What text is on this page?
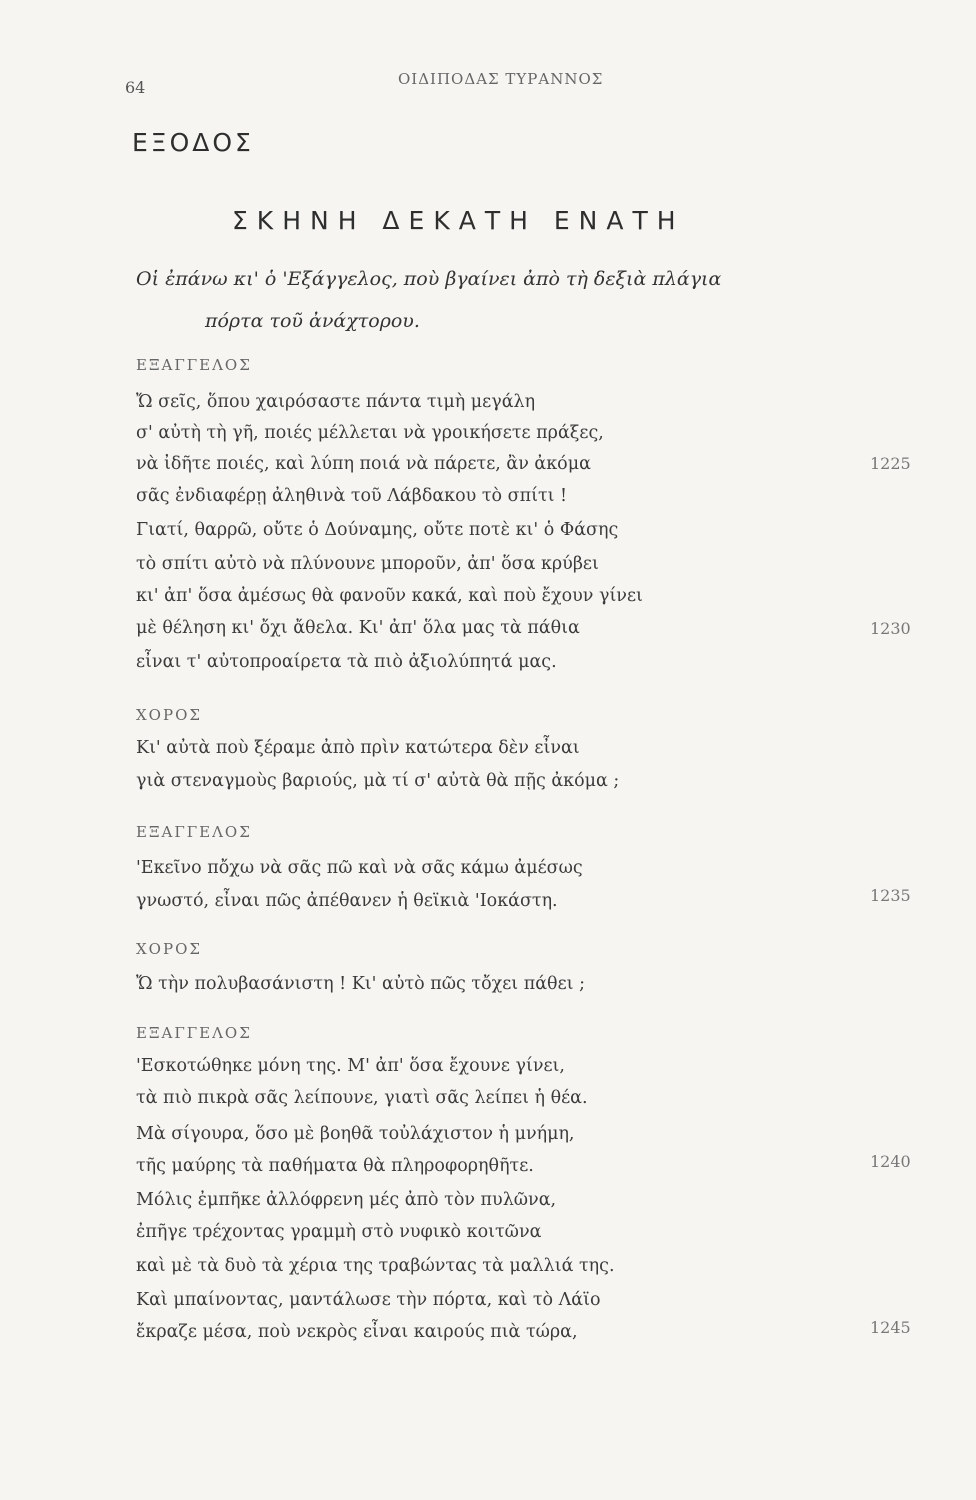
64	ΟΙΔΙΠΟΔΑΣ ΤΥΡΑΝΝΟΣ
ΕΞΟΔΟΣ
ΣΚΗΝΗ ΔΕΚΑΤΗ ΕΝΑΤΗ
Οἱ ἐπάνω κι' ὁ 'Εξάγγελος, ποὺ βγαίνει ἀπὸ τὴ δεξιὰ πλάγια
πόρτα τοῦ ἀνάχτορου.
ΕΞΑΓΓΕΛΟΣ
Ὤ σεῖς, ὅπου χαιρόσαστε πάντα τιμὴ μεγάλη
σ' αὐτὴ τὴ γῆ, ποιές μέλλεται νὰ γροικήσετε πράξες,
νὰ ἰδῆτε ποιές, καὶ λύπη ποιά νὰ πάρετε, ἂν ἀκόμα	1225
σᾶς ἐνδιαφέρῃ ἀληθινὰ τοῦ Λάβδακου τὸ σπίτι !
Γιατί, θαρρῶ, οὔτε ὁ Δούναμης, οὔτε ποτὲ κι' ὁ Φάσης
τὸ σπίτι αὐτὸ νὰ πλύνουνε μποροῦν, ἀπ' ὅσα κρύβει
κι' ἀπ' ὅσα ἀμέσως θὰ φανοῦν κακά, καὶ ποὺ ἔχουν γίνει
μὲ θέληση κι' ὄχι ἄθελα. Κι' ἀπ' ὅλα μας τὰ πάθια	1230
εἶναι τ' αὐτοπροαίρετα τὰ πιὸ ἀξιολύπητά μας.
ΧΟΡΟΣ
Κι' αὐτὰ ποὺ ξέραμε ἀπὸ πρὶν κατώτερα δὲν εἶναι
γιὰ στεναγμοὺς βαριούς, μὰ τί σ' αὐτὰ θὰ πῇς ἀκόμα ;
ΕΞΑΓΓΕΛΟΣ
'Εκεῖνο πὄχω νὰ σᾶς πῶ καὶ νὰ σᾶς κάμω ἀμέσως
γνωστό, εἶναι πῶς ἀπέθανεν ἡ θεϊκιὰ 'Ιοκάστη.	1235
ΧΟΡΟΣ
Ὤ τὴν πολυβασάνιστη ! Κι' αὐτὸ πῶς τὄχει πάθει ;
ΕΞΑΓΓΕΛΟΣ
'Εσκοτώθηκε μόνη της. Μ' ἀπ' ὅσα ἔχουνε γίνει,
τὰ πιὸ πικρὰ σᾶς λείπουνε, γιατὶ σᾶς λείπει ἡ θέα.
Μὰ σίγουρα, ὅσο μὲ βοηθᾶ τοὐλάχιστον ἡ μνήμη,
τῆς μαύρης τὰ παθήματα θὰ πληροφορηθῆτε.	1240
Μόλις ἐμπῆκε ἀλλόφρενη μές ἀπὸ τὸν πυλῶνα,
ἐπῆγε τρέχοντας γραμμὴ στὸ νυφικὸ κοιτῶνα
καὶ μὲ τὰ δυὸ τὰ χέρια της τραβώντας τὰ μαλλιά της.
Καὶ μπαίνοντας, μαντάλωσε τὴν πόρτα, καὶ τὸ Λάϊο
ἔκραζε μέσα, ποὺ νεκρὸς εἶναι καιρούς πιὰ τώρα,	1245
